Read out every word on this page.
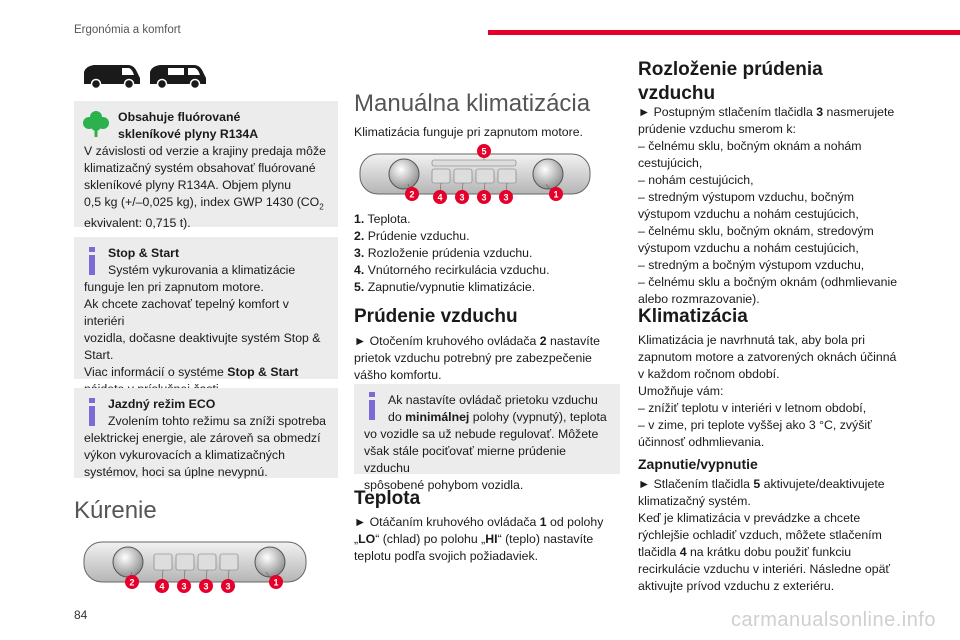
Ergonómia a komfort
Obsahuje fluórované skleníkové plyny R134A
V závislosti od verzie a krajiny predaja môže
klimatizačný systém obsahovať fluórované
skleníkové plyny R134A. Objem plynu
0,5 kg (+/–0,025 kg), index GWP 1430 ($CO_2$
ekvivalent: 0,715 t).
Stop & Start
Systém vykurovania a klimatizácie
funguje len pri zapnutom motore.
Ak chcete zachovať tepelný komfort v interiéri
vozidla, dočasne deaktivujte systém Stop &
Start.
Viac informácií o systéme Stop & Start
Jazdný režim ECO
Zvolením tohto režimu sa zníži spotreba
elektrickej energie, ale zároveň sa obmedzí
výkon vykurovacích a klimatizačných
systémov, hoci sa úplne nevypnú.
Kúrenie
2	4 3 3 3	1
Manuálna klimatizácia
Klimatizácia funguje pri zapnutom motore.
5
2	4 3 3 3	1
1. Teplota.
2. Prúdenie vzduchu.
3. Rozloženie prúdenia vzduchu.
4. Vnútorného recirkulácia vzduchu.
5. Zapnutie/vypnutie klimatizácie.
Prúdenie vzduchu
► Otočením kruhového ovládača 2 nastavíte
prietok vzduchu potrebný pre zabezpečenie
vášho komfortu.
Ak nastavíte ovládač prietoku vzduchu
do minimálnej polohy (vypnutý), teplota
vo vozidle sa už nebude regulovať. Môžete
však stále pociťovať mierne prúdenie vzduchu
spôsobené pohybom vozidla.
Teplota
► Otáčaním kruhového ovládača 1 od polohy
„LO“ (chlad) po polohu „HI“ (teplo) nastavíte
teplotu podľa svojich požiadaviek.
Rozloženie prúdenia
vzduchu
► Postupným stlačením tlačidla 3 nasmerujete
prúdenie vzduchu smerom k:
– čelnému sklu, bočným oknám a nohám
cestujúcich,
– nohám cestujúcich,
– stredným výstupom vzduchu, bočným
výstupom vzduchu a nohám cestujúcich,
– čelnému sklu, bočným oknám, stredovým
výstupom vzduchu a nohám cestujúcich,
– stredným a bočným výstupom vzduchu,
– čelnému sklu a bočným oknám (odhmlievanie
alebo rozmrazovanie).
Klimatizácia
Klimatizácia je navrhnutá tak, aby bola pri
zapnutom motore a zatvorených oknách účinná
v každom ročnom období.
Umožňuje vám:
– znížiť teplotu v interiéri v letnom období,
– v zime, pri teplote vyššej ako 3 °C, zvýšiť
účinnosť odhmlievania.
Zapnutie/vypnutie
► Stlačením tlačidla 5 aktivujete/deaktivujete
klimatizačný systém.
Keď je klimatizácia v prevádzke a chcete
rýchlejšie ochladiť vzduch, môžete stlačením
tlačidla 4 na krátku dobu použiť funkciu
recirkulácie vzduchu v interiéri. Následne opäť
aktivujte prívod vzduchu z exteriéru.
84	carmanualsonline.info
